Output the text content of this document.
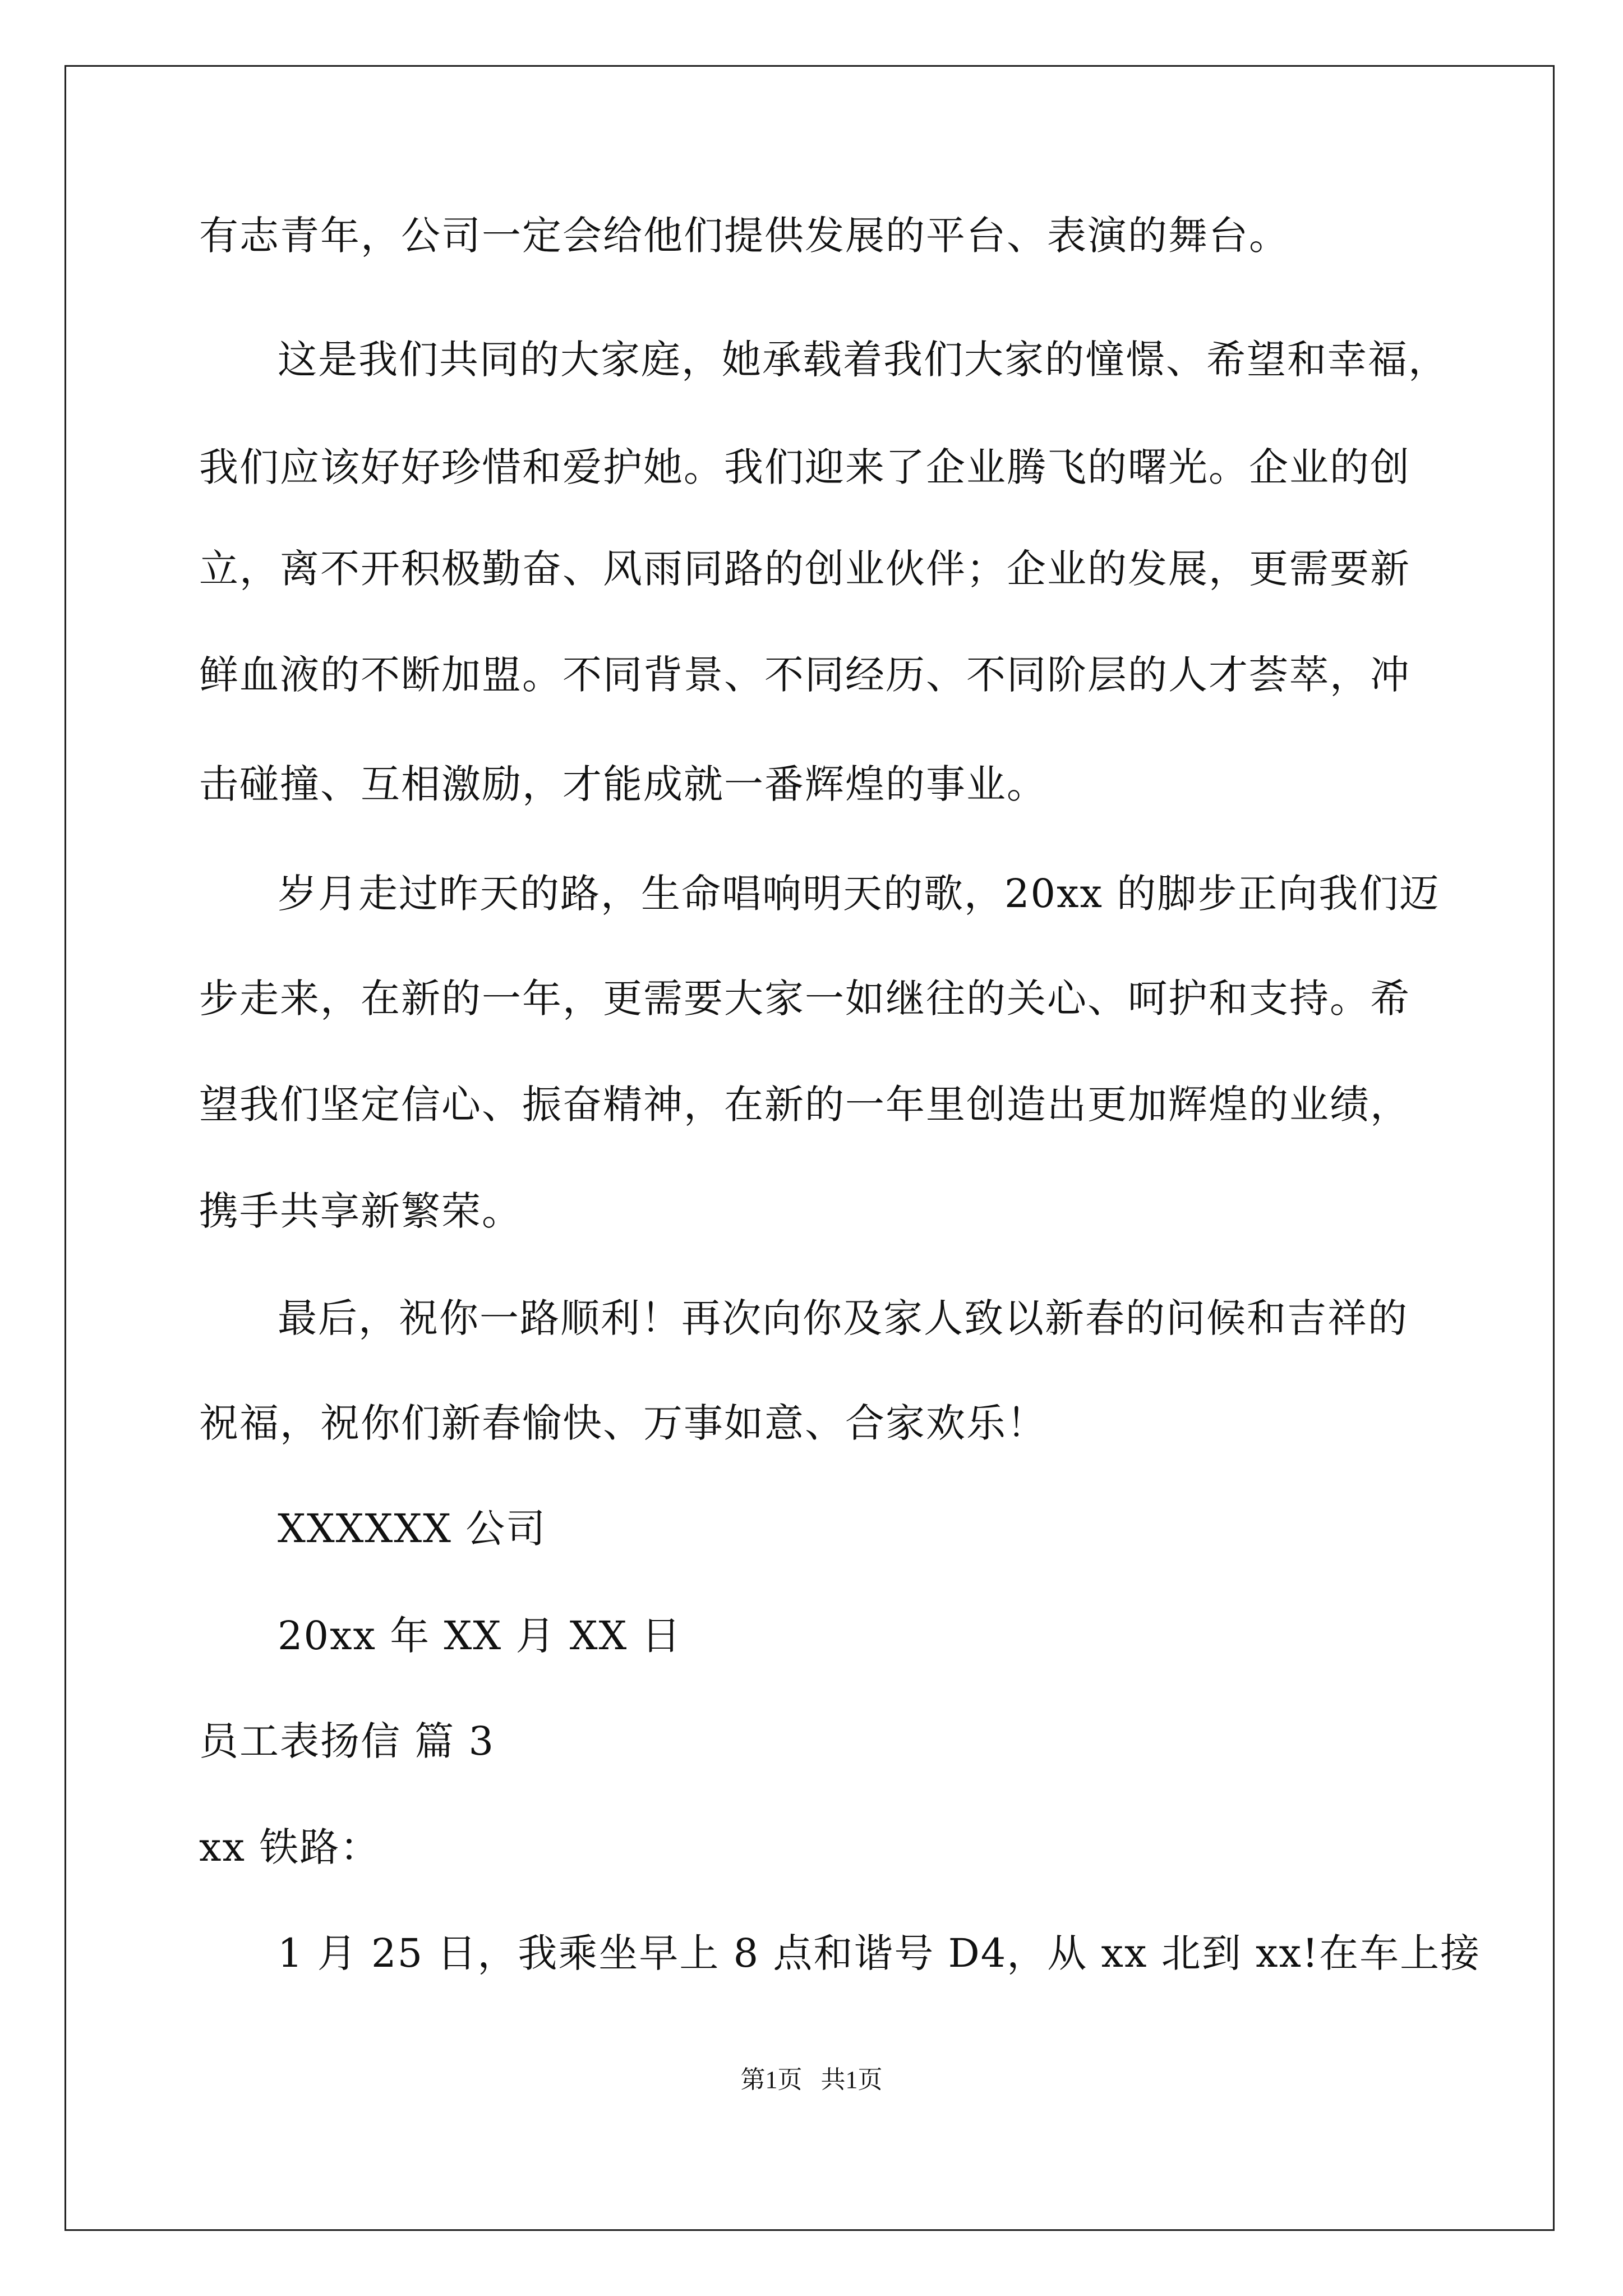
有志青年，公司一定会给他们提供发展的平台、表演的舞台。
这是我们共同的大家庭，她承载着我们大家的憧憬、希望和幸福，
我们应该好好珍惜和爱护她。我们迎来了企业腾飞的曙光。企业的创
立，离不开积极勤奋、风雨同路的创业伙伴；企业的发展，更需要新
鲜血液的不断加盟。不同背景、不同经历、不同阶层的人才荟萃，冲
击碰撞、互相激励，才能成就一番辉煌的事业。
岁月走过昨天的路，生命唱响明天的歌，20xx 的脚步正向我们迈
步走来，在新的一年，更需要大家一如继往的关心、呵护和支持。希
望我们坚定信心、振奋精神，在新的一年里创造出更加辉煌的业绩，
携手共享新繁荣。
最后，祝你一路顺利！再次向你及家人致以新春的问候和吉祥的
祝福，祝你们新春愉快、万事如意、合家欢乐！
XXXXXX 公司
20xx 年 XX 月 XX 日
员工表扬信 篇 3
xx 铁路：
1 月 25 日，我乘坐早上 8 点和谐号 D4，从 xx 北到 xx!在车上接
第1页   共1页
